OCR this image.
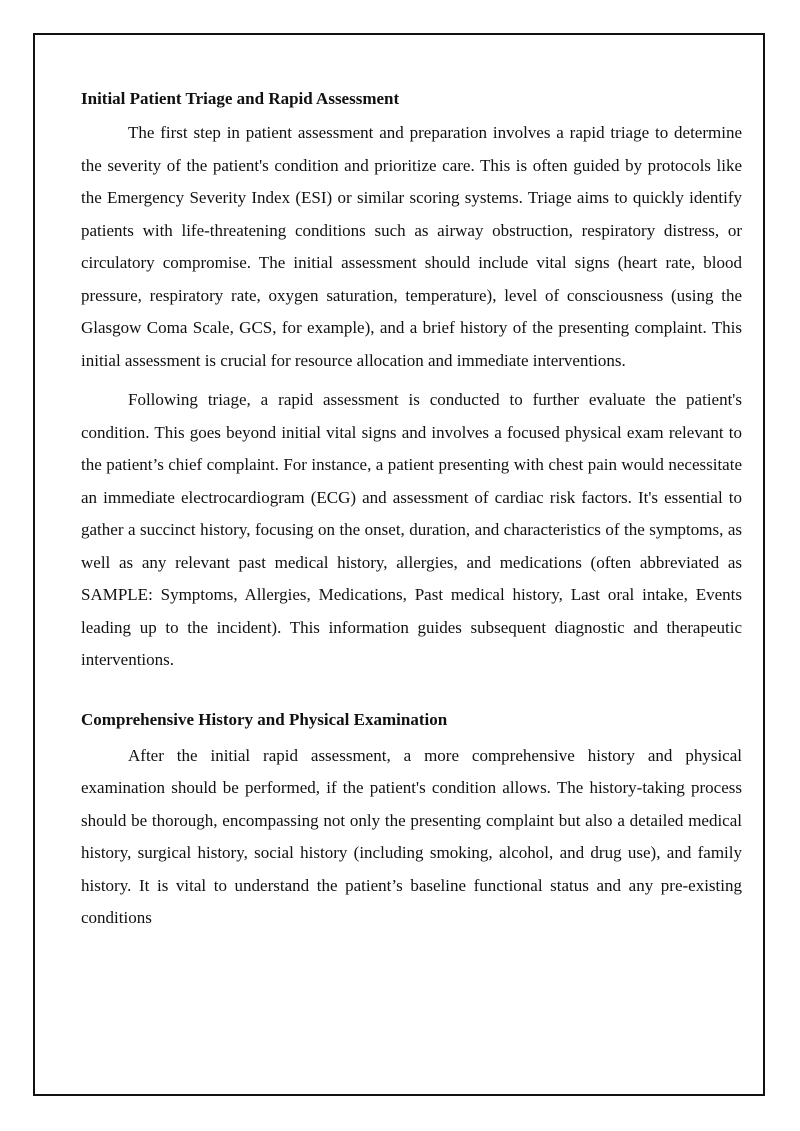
Initial Patient Triage and Rapid Assessment

The first step in patient assessment and preparation involves a rapid triage to determine the severity of the patient's condition and prioritize care. This is often guided by protocols like the Emergency Severity Index (ESI) or similar scoring systems. Triage aims to quickly identify patients with life-threatening conditions such as airway obstruction, respiratory distress, or circulatory compromise. The initial assessment should include vital signs (heart rate, blood pressure, respiratory rate, oxygen saturation, temperature), level of consciousness (using the Glasgow Coma Scale, GCS, for example), and a brief history of the presenting complaint. This initial assessment is crucial for resource allocation and immediate interventions.

Following triage, a rapid assessment is conducted to further evaluate the patient's condition. This goes beyond initial vital signs and involves a focused physical exam relevant to the patient’s chief complaint. For instance, a patient presenting with chest pain would necessitate an immediate electrocardiogram (ECG) and assessment of cardiac risk factors. It's essential to gather a succinct history, focusing on the onset, duration, and characteristics of the symptoms, as well as any relevant past medical history, allergies, and medications (often abbreviated as SAMPLE: Symptoms, Allergies, Medications, Past medical history, Last oral intake, Events leading up to the incident). This information guides subsequent diagnostic and therapeutic interventions.

Comprehensive History and Physical Examination

After the initial rapid assessment, a more comprehensive history and physical examination should be performed, if the patient's condition allows. The history-taking process should be thorough, encompassing not only the presenting complaint but also a detailed medical history, surgical history, social history (including smoking, alcohol, and drug use), and family history. It is vital to understand the patient’s baseline functional status and any pre-existing conditions
